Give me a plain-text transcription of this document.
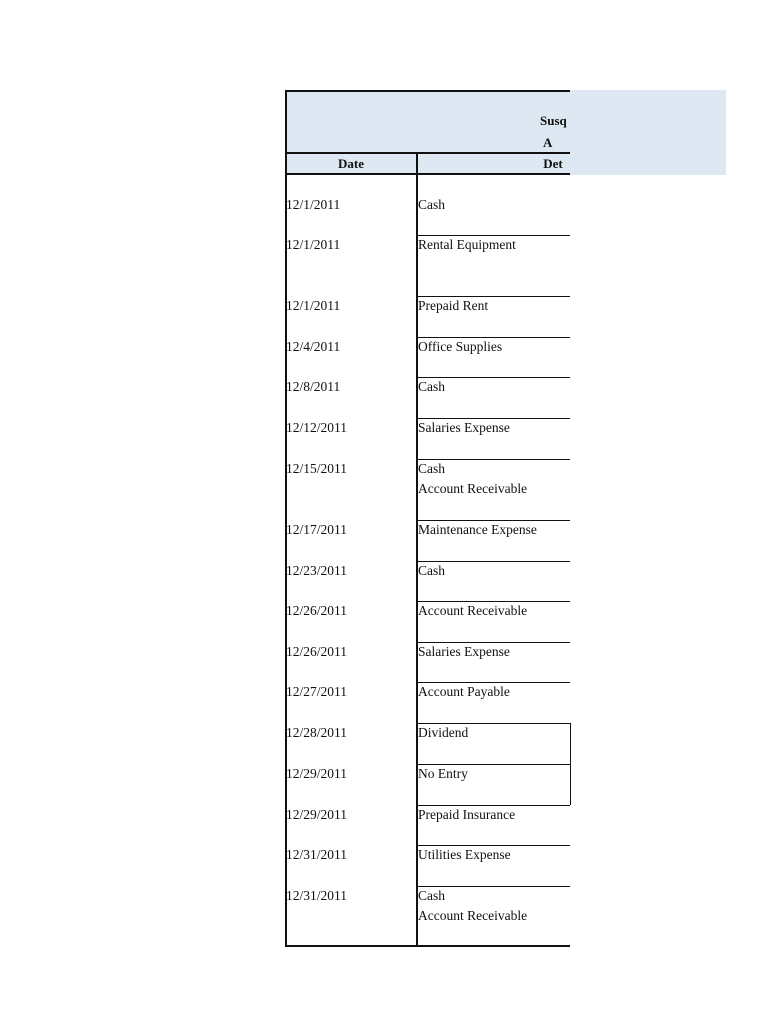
Susq
A
Date	Det
12/1/2011	Cash
12/1/2011	Rental Equipment
12/1/2011	Prepaid Rent
12/4/2011	Office Supplies
12/8/2011	Cash
12/12/2011	Salaries Expense
12/15/2011	Cash
Account Receivable
12/17/2011	Maintenance Expense
12/23/2011	Cash
12/26/2011	Account Receivable
12/26/2011	Salaries Expense
12/27/2011	Account Payable
12/28/2011	Dividend
12/29/2011	No Entry
12/29/2011	Prepaid Insurance
12/31/2011	Utilities Expense
12/31/2011	Cash
Account Receivable
